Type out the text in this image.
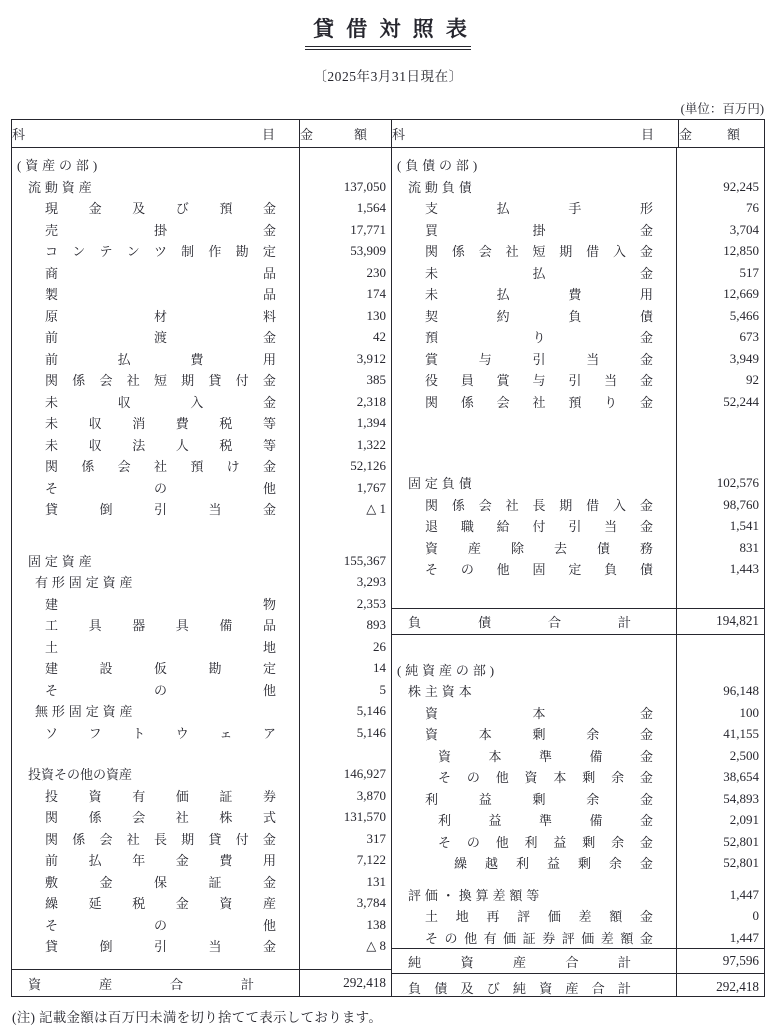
貸借対照表
〔2025年3月31日現在〕
(単位：百万円)
科	目 金	額 科	目 金	額
(資産の部)
流動資産	137,050
現 金 及 び 預 金	1,564
売	掛	金	17,771
コ ン テ ン ツ 制 作 勘 定	53,909
商	品	230
製	品	174
原	材	料	130
前	渡	金	42
前	払	費	用	3,912
関 係 会 社 短 期 貸 付 金	385
未	収	入	金	2,318
未 収 消 費 税 等	1,394
未 収 法 人 税 等	1,322
関 係 会 社 預 け 金	52,126
そ	の	他	1,767
貸	倒	引	当	金	△ 1
固定資産	155,367
有形固定資産	3,293
建	物	2,353
工 具 器 具 備 品	893
土	地	26
建	設	仮	勘	定	14
そ	の	他	5
無形固定資産	5,146
ソ フ ト ウ ェ ア	5,146
投資その他の資産	146,927
投 資 有 価 証 券	3,870
関 係 会 社 株 式	131,570
関 係 会 社 長 期 貸 付 金	317
前 払 年 金 費 用	7,122
敷	金	保	証	金	131
繰 延 税 金 資 産	3,784
そ	の	他	138
貸	倒	引	当	金	△ 8
資	産	合	計	292,418
(負債の部)
流動負債	92,245
支	払	手	形	76
買	掛	金	3,704
関 係 会 社 短 期 借 入 金	12,850
未	払	金	517
未	払	費	用	12,669
契	約	負	債	5,466
預	り	金	673
賞	与	引	当	金	3,949
役 員 賞 与 引 当 金	92
関 係 会 社 預 り 金	52,244
固定負債	102,576
関 係 会 社 長 期 借 入 金	98,760
退 職 給 付 引 当 金	1,541
資 産 除 去 債 務	831
そ の 他 固 定 負 債	1,443
負	債	合	計	194,821
(純資産の部)
株主資本	96,148
資	本	金	100
資	本	剰	余	金	41,155
資	本	準	備	金	2,500
そ の 他 資 本 剰 余 金	38,654
利	益	剰	余	金	54,893
利	益	準	備	金	2,091
そ の 他 利 益 剰 余 金	52,801
繰 越 利 益 剰 余 金	52,801
評価・換算差額等	1,447
土 地 再 評 価 差 額 金	0
そ の 他 有 価 証 券 評 価 差 額 金	1,447
純	資	産	合	計	97,596
負 債 及 び 純 資 産 合 計	292,418
(注) 記載金額は百万円未満を切り捨てて表示しております。
